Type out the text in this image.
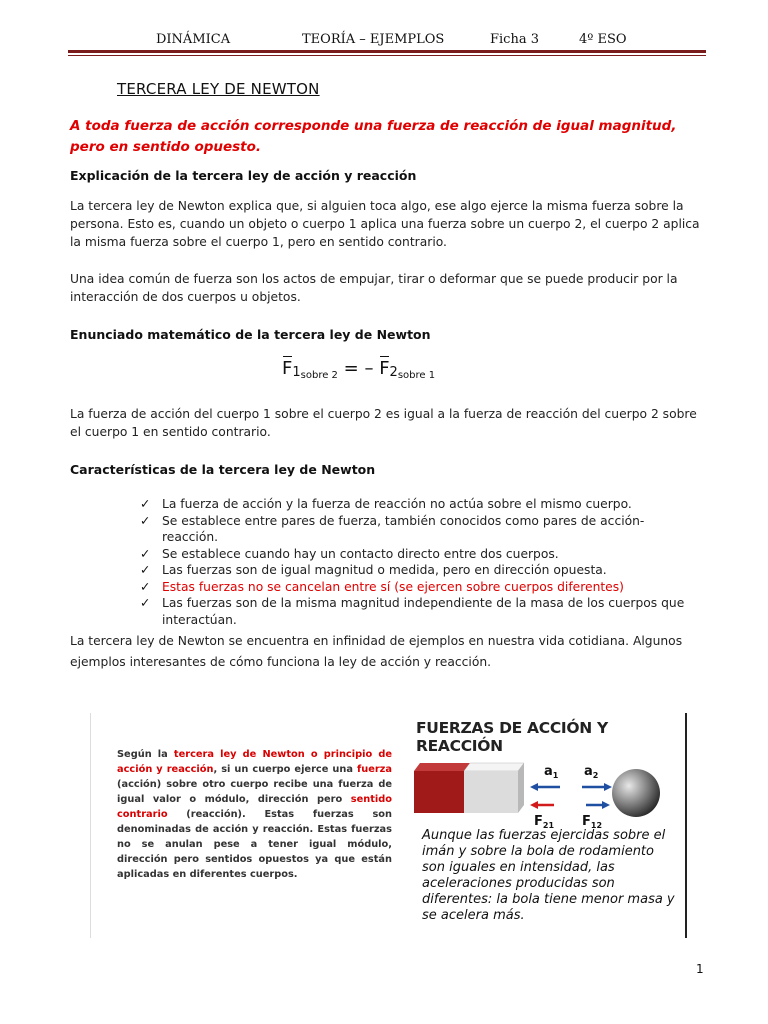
DINÁMICA	TEORÍA – EJEMPLOS	Ficha 3	4º ESO
TERCERA LEY DE NEWTON
A toda fuerza de acción corresponde una fuerza de reacción de igual magnitud, pero en sentido opuesto.
Explicación de la tercera ley de acción y reacción
La tercera ley de Newton explica que, si alguien toca algo, ese algo ejerce la misma fuerza sobre la persona. Esto es, cuando un objeto o cuerpo 1 aplica una fuerza sobre un cuerpo 2, el cuerpo 2 aplica la misma fuerza sobre el cuerpo 1, pero en sentido contrario.
Una idea común de fuerza son los actos de empujar, tirar o deformar que se puede producir por la interacción de dos cuerpos u objetos.
Enunciado matemático de la tercera ley de Newton
$F1_{sobre 2}$ = – $F2_{sobre 1}$
La fuerza de acción del cuerpo 1 sobre el cuerpo 2 es igual a la fuerza de reacción del cuerpo 2 sobre el cuerpo 1 en sentido contrario.
Características de la tercera ley de Newton
✓ La fuerza de acción y la fuerza de reacción no actúa sobre el mismo cuerpo.
✓ Se establece entre pares de fuerza, también conocidos como pares de acción-reacción.
✓ Se establece cuando hay un contacto directo entre dos cuerpos.
✓ Las fuerzas son de igual magnitud o medida, pero en dirección opuesta.
✓ Estas fuerzas no se cancelan entre sí (se ejercen sobre cuerpos diferentes)
✓ Las fuerzas son de la misma magnitud independiente de la masa de los cuerpos que interactúan.
La tercera ley de Newton se encuentra en infinidad de ejemplos en nuestra vida cotidiana. Algunos ejemplos interesantes de cómo funciona la ley de acción y reacción.
Según la tercera ley de Newton o principio de acción y reacción, si un cuerpo ejerce una fuerza (acción) sobre otro cuerpo recibe una fuerza de igual valor o módulo, dirección pero sentido contrario (reacción). Estas fuerzas son denominadas de acción y reacción. Estas fuerzas no se anulan pese a tener igual módulo, dirección pero sentidos opuestos ya que están aplicadas en diferentes cuerpos.
FUERZAS DE ACCIÓN Y REACCIÓN
$a_1$ $a_2$
$F_{21}$ $F_{12}$
Aunque las fuerzas ejercidas sobre el imán y sobre la bola de rodamiento son iguales en intensidad, las aceleraciones producidas son diferentes: la bola tiene menor masa y se acelera más.
1
